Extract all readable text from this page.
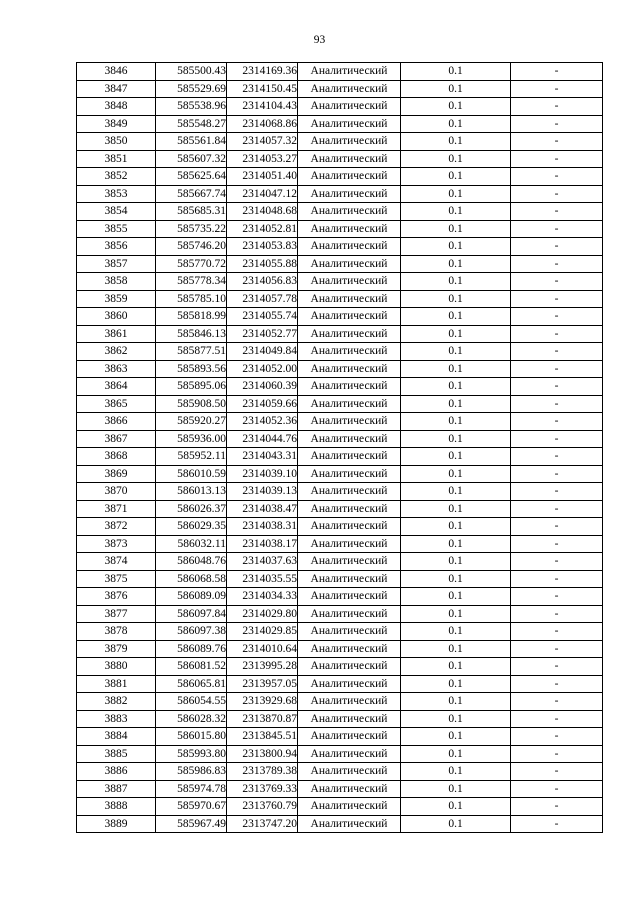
93
3846	585500.43	2314169.36	Аналитический	0.1	-
3847	585529.69	2314150.45	Аналитический	0.1	-
3848	585538.96	2314104.43	Аналитический	0.1	-
3849	585548.27	2314068.86	Аналитический	0.1	-
3850	585561.84	2314057.32	Аналитический	0.1	-
3851	585607.32	2314053.27	Аналитический	0.1	-
3852	585625.64	2314051.40	Аналитический	0.1	-
3853	585667.74	2314047.12	Аналитический	0.1	-
3854	585685.31	2314048.68	Аналитический	0.1	-
3855	585735.22	2314052.81	Аналитический	0.1	-
3856	585746.20	2314053.83	Аналитический	0.1	-
3857	585770.72	2314055.88	Аналитический	0.1	-
3858	585778.34	2314056.83	Аналитический	0.1	-
3859	585785.10	2314057.78	Аналитический	0.1	-
3860	585818.99	2314055.74	Аналитический	0.1	-
3861	585846.13	2314052.77	Аналитический	0.1	-
3862	585877.51	2314049.84	Аналитический	0.1	-
3863	585893.56	2314052.00	Аналитический	0.1	-
3864	585895.06	2314060.39	Аналитический	0.1	-
3865	585908.50	2314059.66	Аналитический	0.1	-
3866	585920.27	2314052.36	Аналитический	0.1	-
3867	585936.00	2314044.76	Аналитический	0.1	-
3868	585952.11	2314043.31	Аналитический	0.1	-
3869	586010.59	2314039.10	Аналитический	0.1	-
3870	586013.13	2314039.13	Аналитический	0.1	-
3871	586026.37	2314038.47	Аналитический	0.1	-
3872	586029.35	2314038.31	Аналитический	0.1	-
3873	586032.11	2314038.17	Аналитический	0.1	-
3874	586048.76	2314037.63	Аналитический	0.1	-
3875	586068.58	2314035.55	Аналитический	0.1	-
3876	586089.09	2314034.33	Аналитический	0.1	-
3877	586097.84	2314029.80	Аналитический	0.1	-
3878	586097.38	2314029.85	Аналитический	0.1	-
3879	586089.76	2314010.64	Аналитический	0.1	-
3880	586081.52	2313995.28	Аналитический	0.1	-
3881	586065.81	2313957.05	Аналитический	0.1	-
3882	586054.55	2313929.68	Аналитический	0.1	-
3883	586028.32	2313870.87	Аналитический	0.1	-
3884	586015.80	2313845.51	Аналитический	0.1	-
3885	585993.80	2313800.94	Аналитический	0.1	-
3886	585986.83	2313789.38	Аналитический	0.1	-
3887	585974.78	2313769.33	Аналитический	0.1	-
3888	585970.67	2313760.79	Аналитический	0.1	-
3889	585967.49	2313747.20	Аналитический	0.1	-
